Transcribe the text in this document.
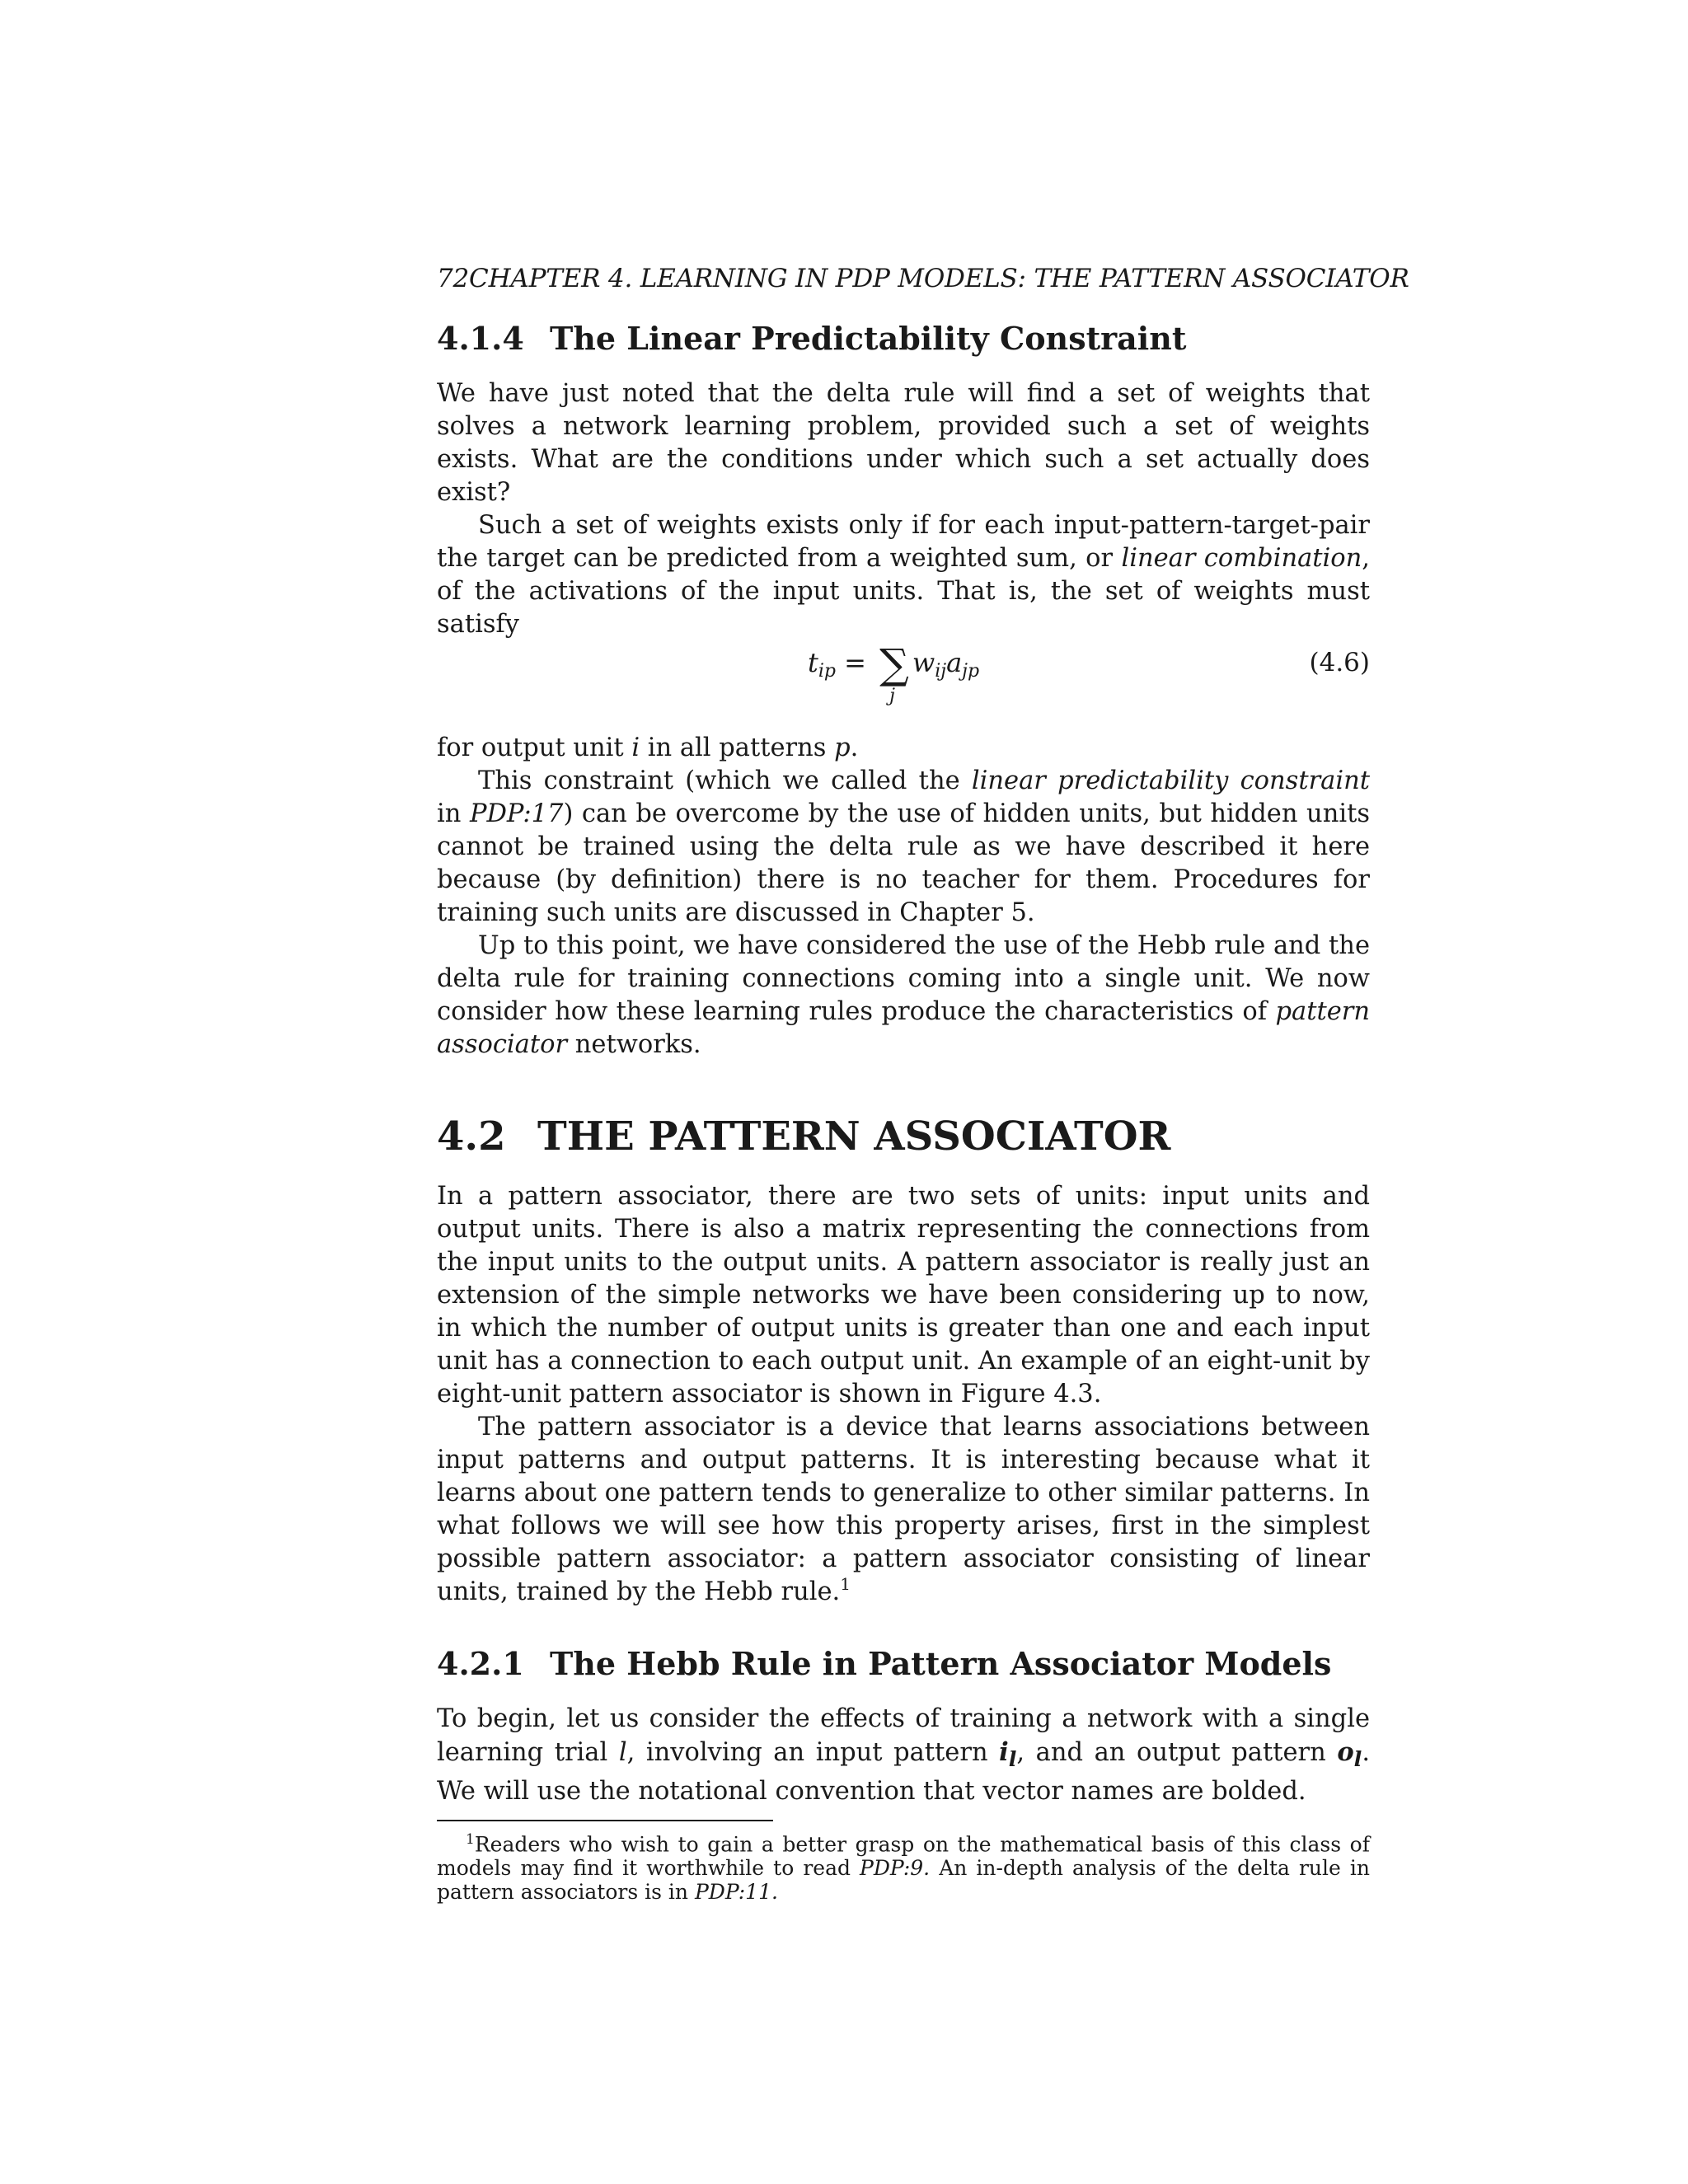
72CHAPTER 4. LEARNING IN PDP MODELS: THE PATTERN ASSOCIATOR
4.1.4 The Linear Predictability Constraint

We have just noted that the delta rule will find a set of weights that solves a network learning problem, provided such a set of weights exists. What are the conditions under which such a set actually does exist?

Such a set of weights exists only if for each input-pattern-target-pair the target can be predicted from a weighted sum, or linear combination, of the activations of the input units. That is, the set of weights must satisfy

$t_{ip}$ = ∑
j
$w_{ij}a_{jp}$	(4.6)

for output unit i in all patterns p.

This constraint (which we called the linear predictability constraint in PDP:17) can be overcome by the use of hidden units, but hidden units cannot be trained using the delta rule as we have described it here because (by definition) there is no teacher for them. Procedures for training such units are discussed in Chapter 5.

Up to this point, we have considered the use of the Hebb rule and the delta rule for training connections coming into a single unit. We now consider how these learning rules produce the characteristics of pattern associator networks.

4.2 THE PATTERN ASSOCIATOR

In a pattern associator, there are two sets of units: input units and output units. There is also a matrix representing the connections from the input units to the output units. A pattern associator is really just an extension of the simple networks we have been considering up to now, in which the number of output units is greater than one and each input unit has a connection to each output unit. An example of an eight-unit by eight-unit pattern associator is shown in Figure 4.3.

The pattern associator is a device that learns associations between input patterns and output patterns. It is interesting because what it learns about one pattern tends to generalize to other similar patterns. In what follows we will see how this property arises, first in the simplest possible pattern associator: a pattern associator consisting of linear units, trained by the Hebb rule.$^1$

4.2.1 The Hebb Rule in Pattern Associator Models

To begin, let us consider the effects of training a network with a single learning trial l, involving an input pattern $i_l$, and an output pattern $o_l$. We will use the notational convention that vector names are bolded.

$^1$Readers who wish to gain a better grasp on the mathematical basis of this class of models may find it worthwhile to read PDP:9. An in-depth analysis of the delta rule in pattern associators is in PDP:11.
